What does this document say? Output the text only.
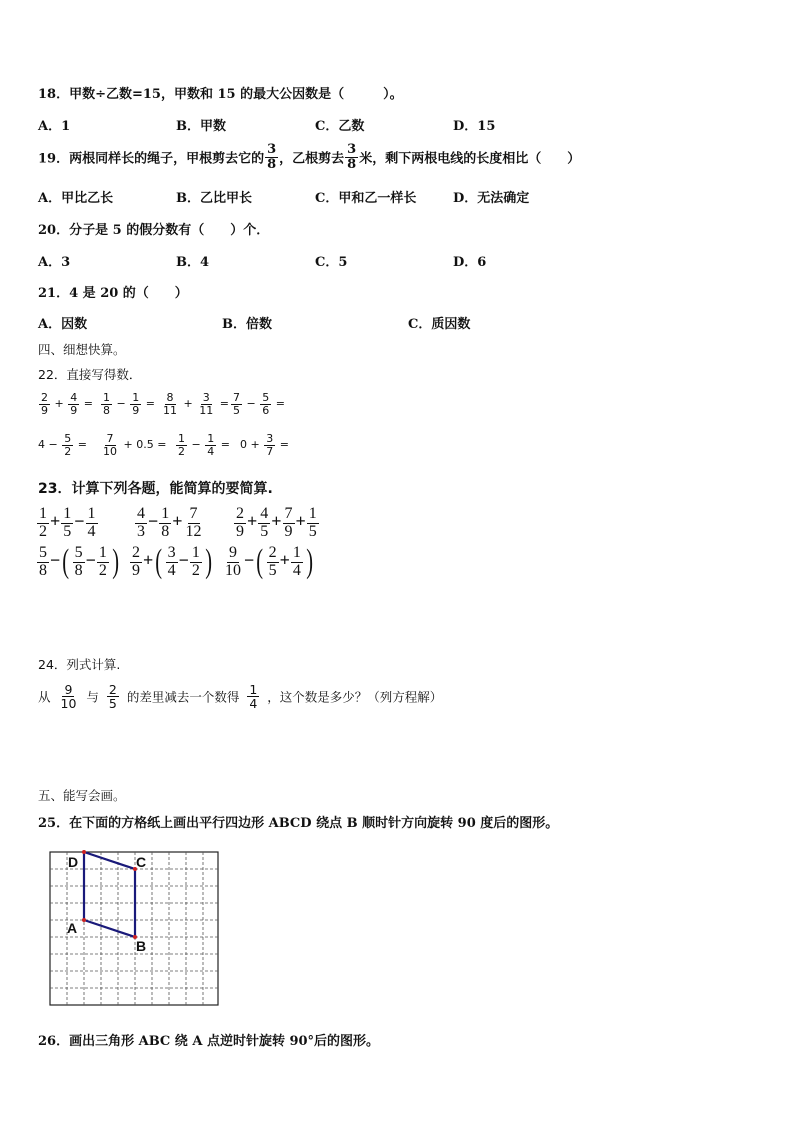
18．甲数÷乙数=15，甲数和 15 的最大公因数是（　　　）。
A．1	B．甲数	C．乙数	D．15
19．两根同样长的绳子，甲根剪去它的 $\frac{3}{8}$ ，乙根剪去 $\frac{3}{8}$ 米，剩下两根电线的长度相比（　　）
A．甲比乙长	B．乙比甲长	C．甲和乙一样长	D．无法确定
20．分子是 5 的假分数有（　　）个．
A．3	B．4	C．5	D．6
21．4 是 20 的（　　）
A．因数	B．倍数	C．质因数
四、细想快算。
22．直接写得数．
$\frac{2}{9} + \frac{4}{9} = \frac{1}{8} - \frac{1}{9} = \frac{8}{11} + \frac{3}{11} = \frac{7}{5} - \frac{5}{6}$ =
$4 - \frac{5}{2} = \frac{7}{10} + 0.5 = \frac{1}{2} - \frac{1}{4} = 0 + \frac{3}{7}$ =
23．计算下列各题，能简算的要简算.
$\frac{1}{2} + \frac{1}{5} - \frac{1}{4} \frac{4}{3} - \frac{1}{8} + \frac{7}{12} \frac{2}{9} + \frac{4}{5} + \frac{7}{9} + \frac{1}{5}$
$\frac{5}{8}$ −( $\frac{5}{8} - \frac{1}{2}$ ) $\frac{2}{9}$ +( $\frac{3}{4} - \frac{1}{2}$ ) $\frac{9}{10}$ −( $\frac{2}{5} + \frac{1}{4}$ )
24．列式计算.
从 $\frac{9}{10}$ 与 $\frac{2}{5}$ 的差里减去一个数得 $\frac{1}{4}$ ，这个数是多少？（列方程解）
五、能写会画。
25．在下面的方格纸上画出平行四边形 ABCD 绕点 B 顺时针方向旋转 90 度后的图形。
D	C
A
B
26．画出三角形 ABC 绕 A 点逆时针旋转 90°后的图形。
